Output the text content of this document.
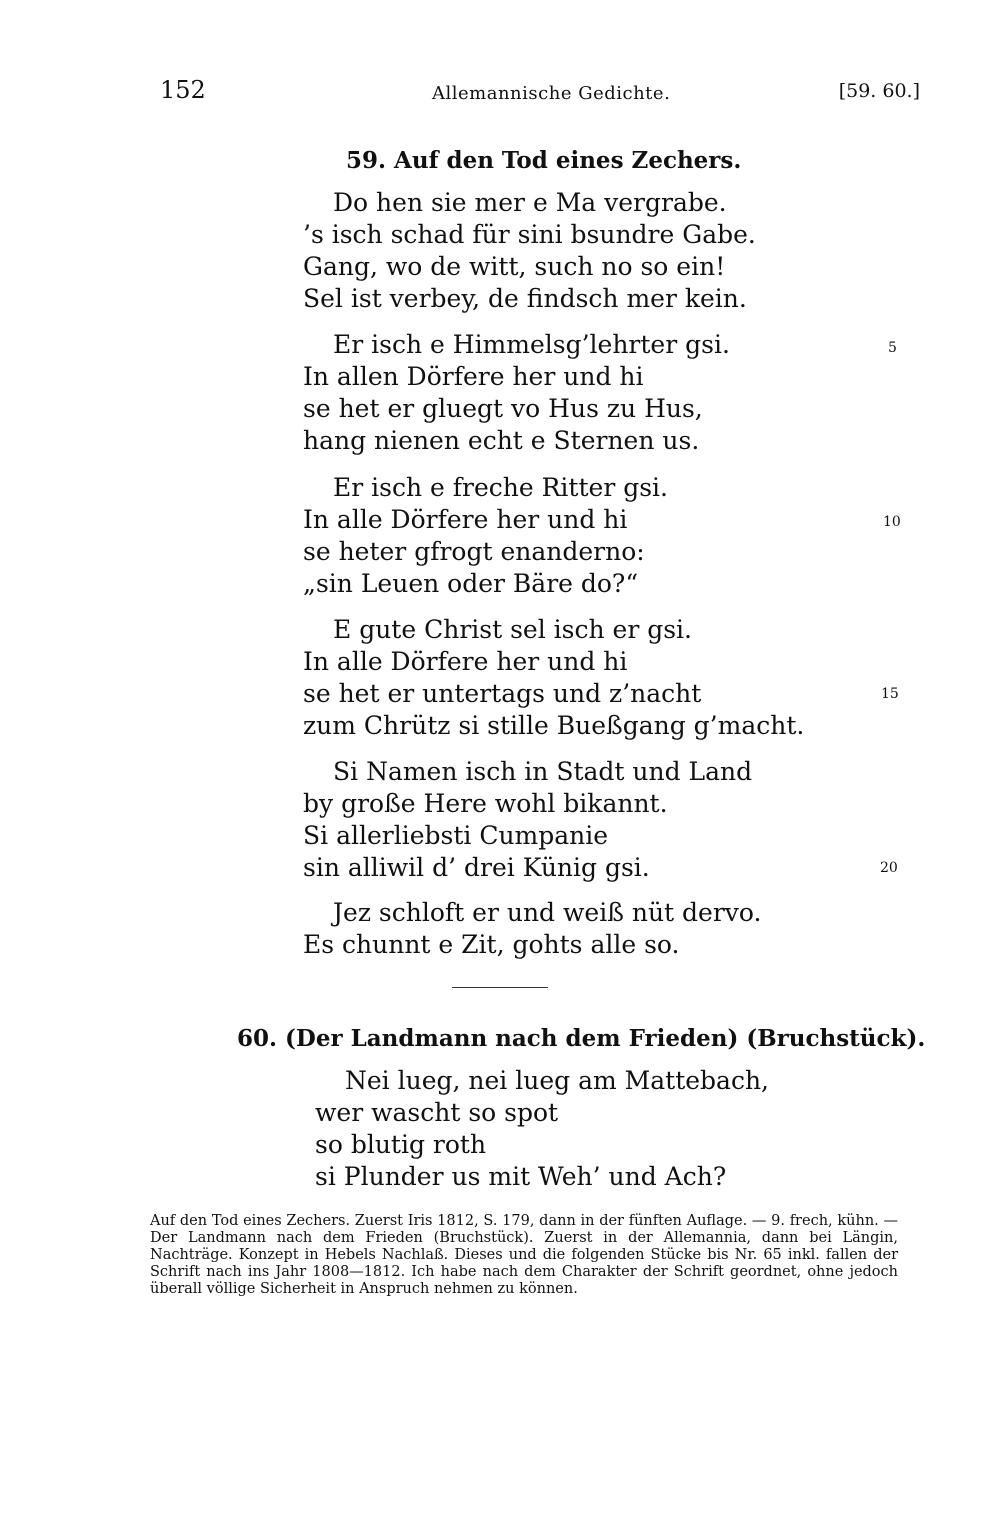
152	Allemannische Gedichte.	[59. 60.]
59. Auf den Tod eines Zechers.
Do hen sie mer e Ma vergrabe.
’s isch schad für sini bsundre Gabe.
Gang, wo de witt, such no so ein!
Sel ist verbey, de findsch mer kein.
Er isch e Himmelsg’lehrter gsi.	5
In allen Dörfere her und hi
se het er gluegt vo Hus zu Hus,
hang nienen echt e Sternen us.
Er isch e freche Ritter gsi.
In alle Dörfere her und hi	10
se heter gfrogt enanderno:
„sin Leuen oder Bäre do?“
E gute Christ sel isch er gsi.
In alle Dörfere her und hi
se het er untertags und z’nacht	15
zum Chrütz si stille Bueßgang g’macht.
Si Namen isch in Stadt und Land
by große Here wohl bikannt.
Si allerliebsti Cumpanie
sin alliwil d’ drei Künig gsi.	20
Jez schloft er und weiß nüt dervo.
Es chunnt e Zit, gohts alle so.
60. (Der Landmann nach dem Frieden) (Bruchstück).
Nei lueg, nei lueg am Mattebach,
wer wascht so spot
so blutig roth
si Plunder us mit Weh’ und Ach?

Auf den Tod eines Zechers. Zuerst Iris 1812, S. 179, dann in der fünften Auflage. — 9. frech, kühn. — Der Landmann nach dem Frieden (Bruchstück). Zuerst in der Allemannia, dann bei Längin, Nachträge. Konzept in Hebels Nachlaß. Dieses und die folgenden Stücke bis Nr. 65 inkl. fallen der Schrift nach ins Jahr 1808—1812. Ich habe nach dem Charakter der Schrift geordnet, ohne jedoch überall völlige Sicherheit in Anspruch nehmen zu können.
